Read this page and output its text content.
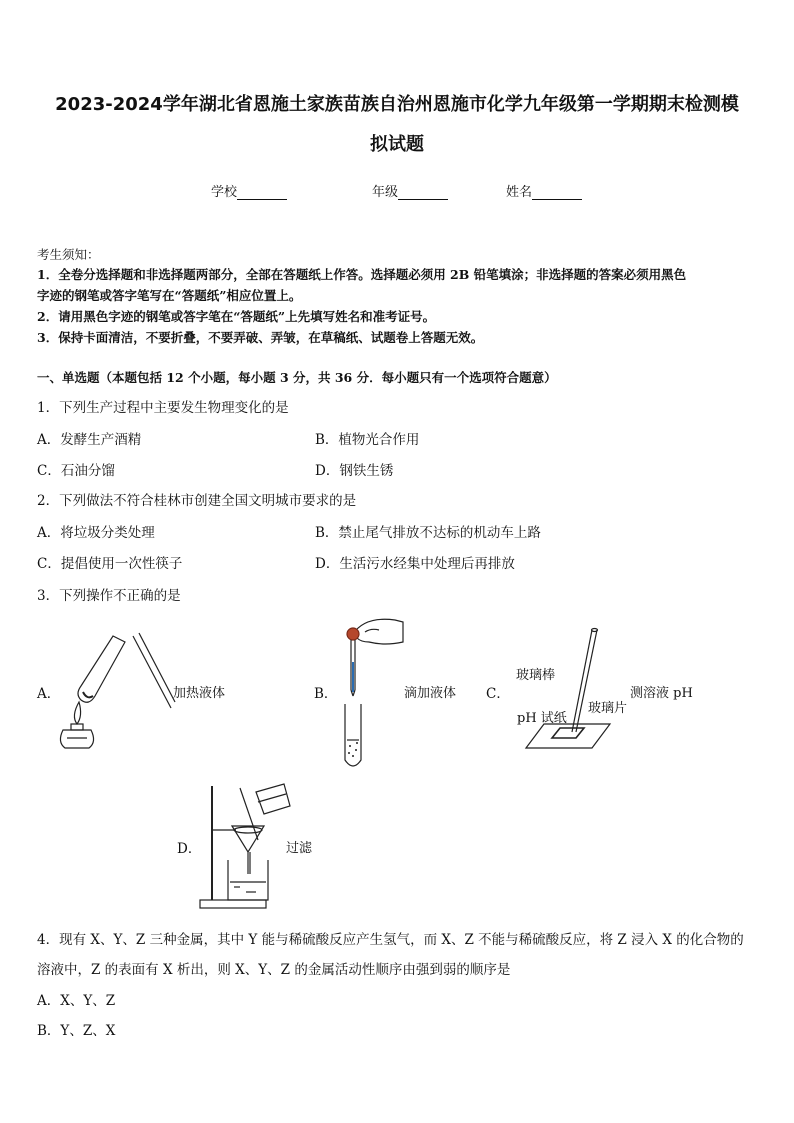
2023-2024学年湖北省恩施土家族苗族自治州恩施市化学九年级第一学期期末检测模
拟试题
学校	年级	姓名
考生须知：
1．全卷分选择题和非选择题两部分，全部在答题纸上作答。选择题必须用 2B 铅笔填涂；非选择题的答案必须用黑色
字迹的钢笔或答字笔写在“答题纸”相应位置上。
2．请用黑色字迹的钢笔或答字笔在“答题纸”上先填写姓名和准考证号。
3．保持卡面清洁，不要折叠，不要弄破、弄皱，在草稿纸、试题卷上答题无效。
一、单选题（本题包括 12 个小题，每小题 3 分，共 36 分．每小题只有一个选项符合题意）
1．下列生产过程中主要发生物理变化的是
A．发酵生产酒精	B．植物光合作用
C．石油分馏	D．钢铁生锈
2．下列做法不符合桂林市创建全国文明城市要求的是
A．将垃圾分类处理	B．禁止尾气排放不达标的机动车上路
C．提倡使用一次性筷子	D．生活污水经集中处理后再排放
3．下列操作不正确的是
A．	加热液体	B．	滴加液体 C．
玻璃棒
测溶液 pH
玻璃片
pH 试纸
D．	过滤
4．现有 X、Y、Z 三种金属，其中 Y 能与稀硫酸反应产生氢气，而 X、Z 不能与稀硫酸反应，将 Z 浸入 X 的化合物的
溶液中，Z 的表面有 X 析出，则 X、Y、Z 的金属活动性顺序由强到弱的顺序是
A．X、Y、Z
B．Y、Z、X
